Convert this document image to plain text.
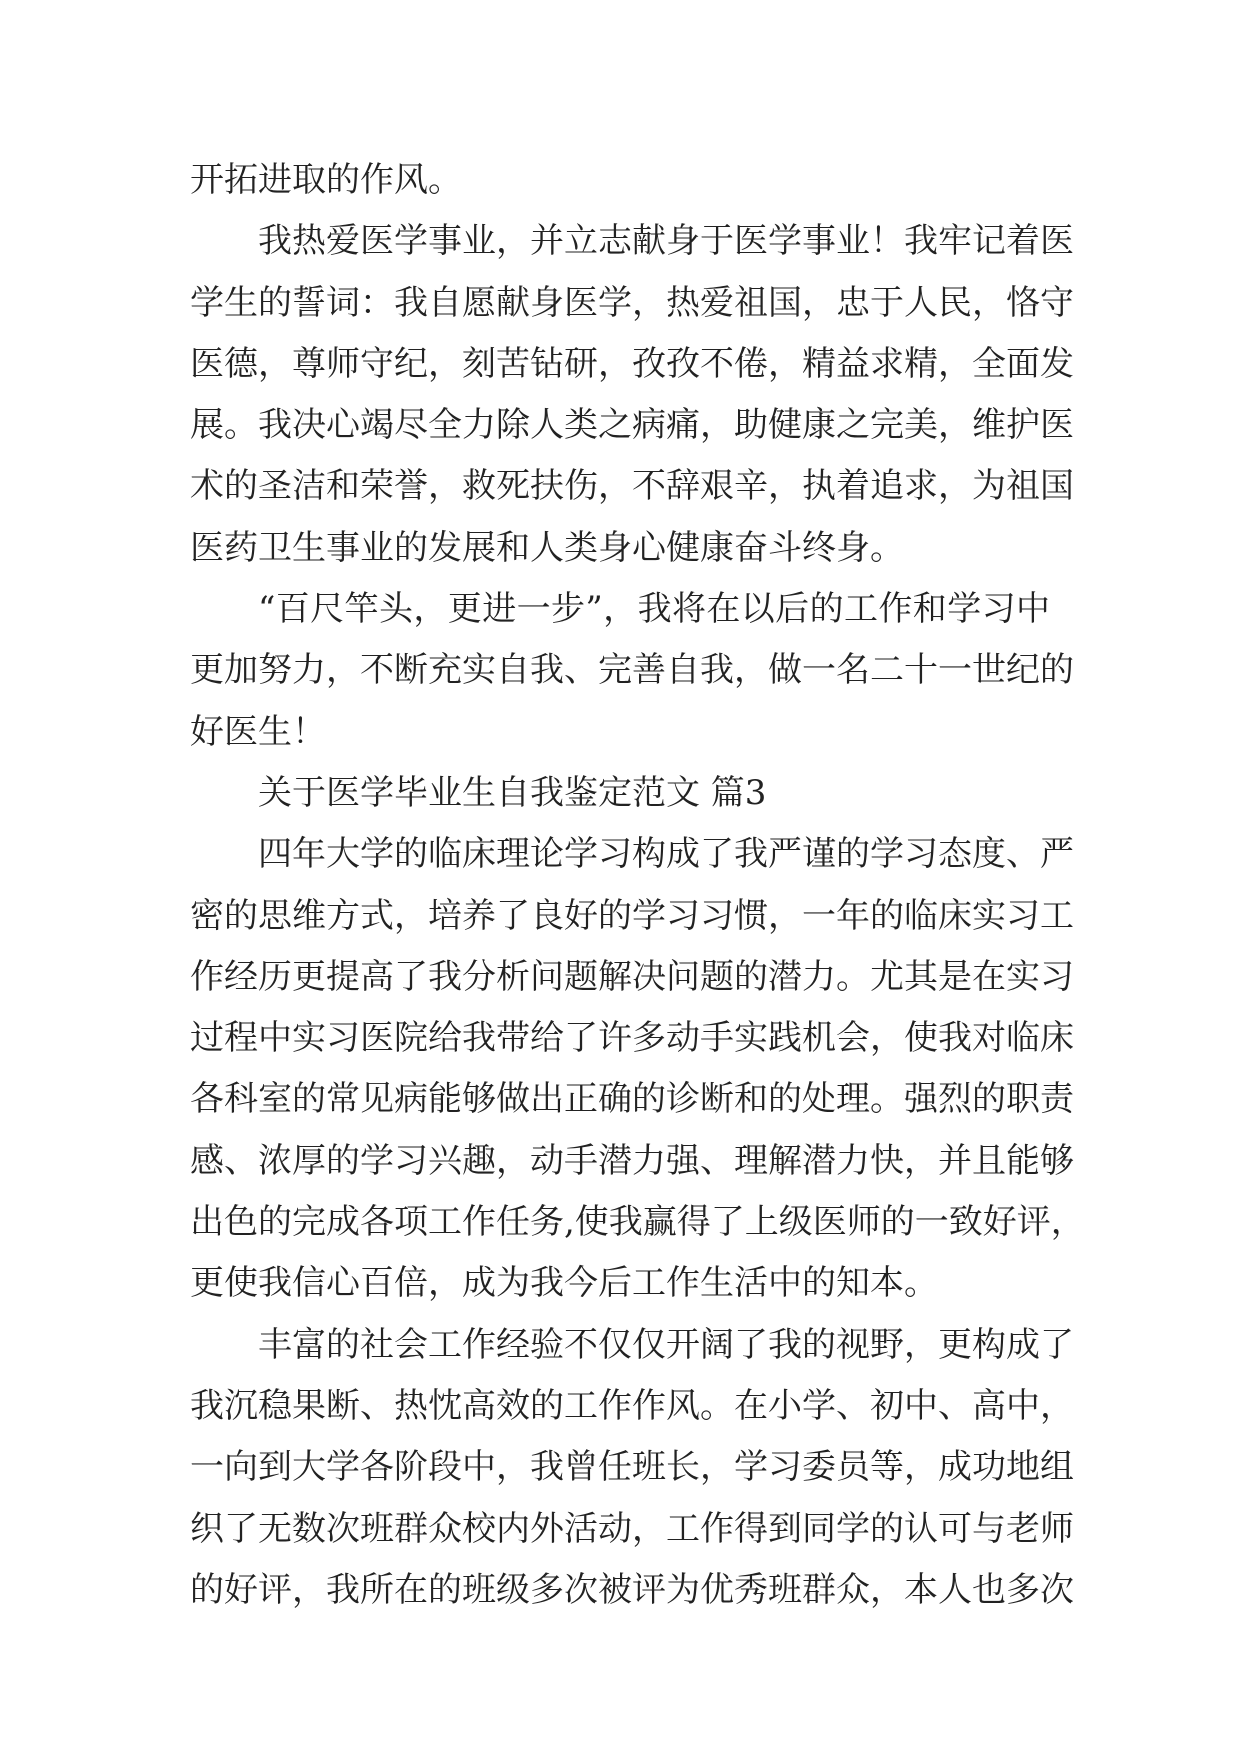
开拓进取的作风。
我热爱医学事业，并立志献身于医学事业！我牢记着医
学生的誓词：我自愿献身医学，热爱祖国，忠于人民，恪守
医德，尊师守纪，刻苦钻研，孜孜不倦，精益求精，全面发
展。我决心竭尽全力除人类之病痛，助健康之完美，维护医
术的圣洁和荣誉，救死扶伤，不辞艰辛，执着追求，为祖国
医药卫生事业的发展和人类身心健康奋斗终身。
“百尺竿头，更进一步”，我将在以后的工作和学习中
更加努力，不断充实自我、完善自我，做一名二十一世纪的
好医生！
关于医学毕业生自我鉴定范文 篇3
四年大学的临床理论学习构成了我严谨的学习态度、严
密的思维方式，培养了良好的学习习惯，一年的临床实习工
作经历更提高了我分析问题解决问题的潜力。尤其是在实习
过程中实习医院给我带给了许多动手实践机会，使我对临床
各科室的常见病能够做出正确的诊断和的处理。强烈的职责
感、浓厚的学习兴趣，动手潜力强、理解潜力快，并且能够
出色的完成各项工作任务,使我赢得了上级医师的一致好评，
更使我信心百倍，成为我今后工作生活中的知本。
丰富的社会工作经验不仅仅开阔了我的视野，更构成了
我沉稳果断、热忱高效的工作作风。在小学、初中、高中，
一向到大学各阶段中，我曾任班长，学习委员等，成功地组
织了无数次班群众校内外活动，工作得到同学的认可与老师
的好评，我所在的班级多次被评为优秀班群众，本人也多次
